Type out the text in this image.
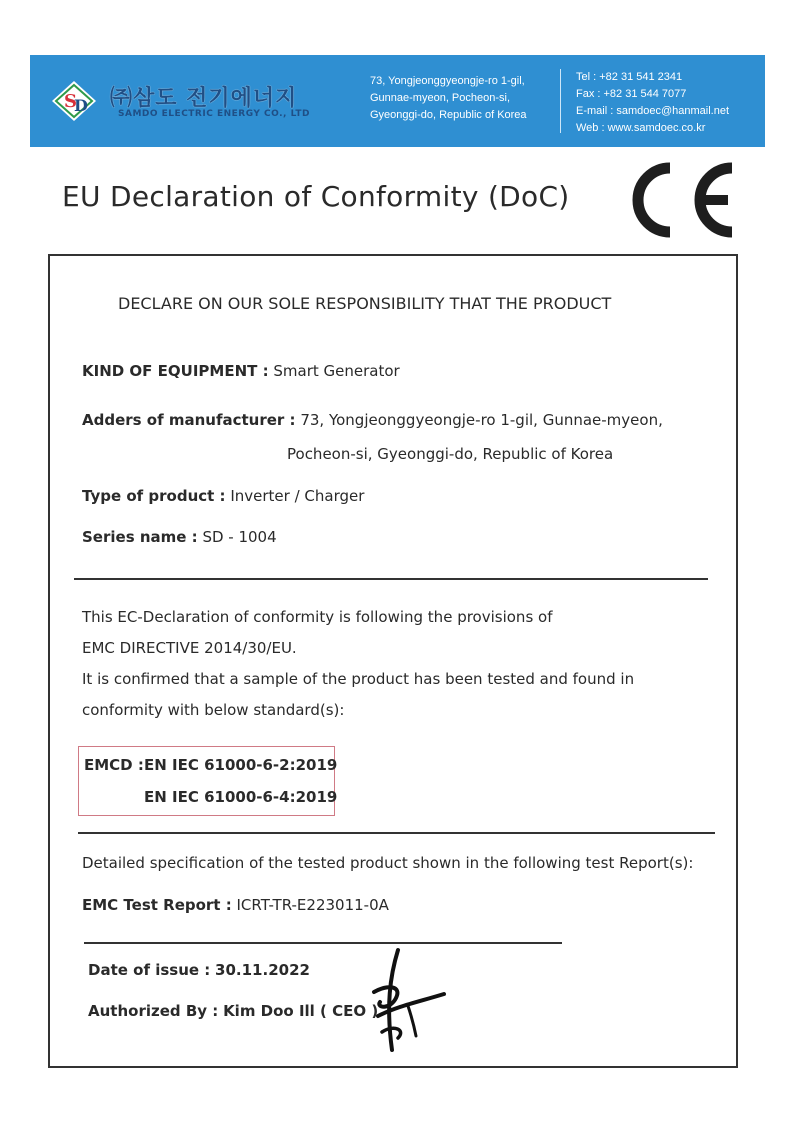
S
D ㈜삼도 전기에너지
SAMDO ELECTRIC ENERGY CO., LTD
73, Yongjeonggyeongje-ro 1-gil,
Gunnae-myeon, Pocheon-si,
Gyeonggi-do, Republic of Korea
Tel : +82 31 541 2341
Fax : +82 31 544 7077
E-mail : samdoec@hanmail.net
Web : www.samdoec.co.kr
EU Declaration of Conformity (DoC)
DECLARE ON OUR SOLE RESPONSIBILITY THAT THE PRODUCT
KIND OF EQUIPMENT : Smart Generator
Adders of manufacturer : 73, Yongjeonggyeongje-ro 1-gil, Gunnae-myeon,
Pocheon-si, Gyeonggi-do, Republic of Korea
Type of product : Inverter / Charger
Series name : SD - 1004
This EC-Declaration of conformity is following the provisions of
EMC DIRECTIVE 2014/30/EU.
It is confirmed that a sample of the product has been tested and found in
conformity with below standard(s):
EMCD : EN IEC 61000-6-2:2019
EN IEC 61000-6-4:2019
Detailed specification of the tested product shown in the following test Report(s):
EMC Test Report : ICRT-TR-E223011-0A
Date of issue : 30.11.2022
Authorized By : Kim Doo Ill ( CEO )
